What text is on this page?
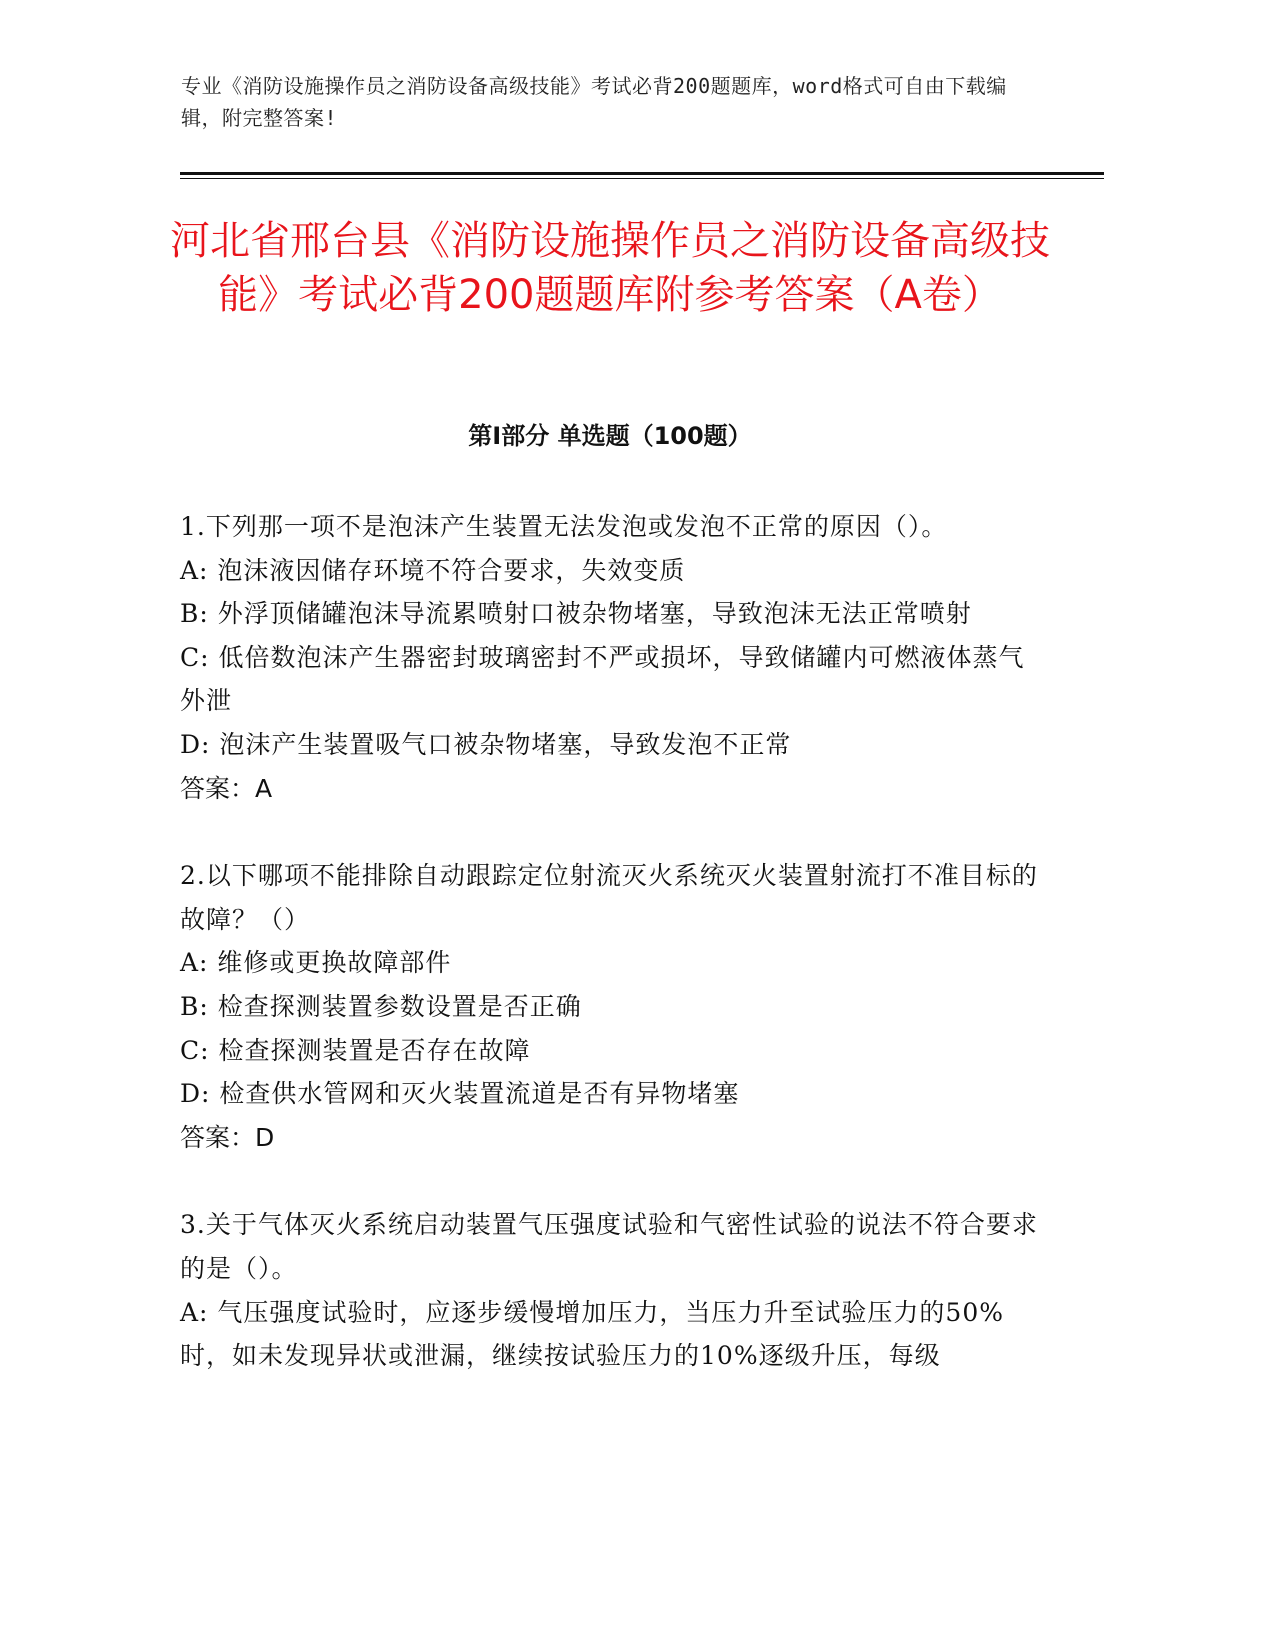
专业《消防设施操作员之消防设备高级技能》考试必背200题题库，word格式可自由下载编辑，附完整答案!
河北省邢台县《消防设施操作员之消防设备高级技能》考试必背200题题库附参考答案（A卷）
第I部分 单选题（100题）
1.下列那一项不是泡沫产生装置无法发泡或发泡不正常的原因（）。
A: 泡沫液因储存环境不符合要求，失效变质
B: 外浮顶储罐泡沫导流累喷射口被杂物堵塞，导致泡沫无法正常喷射
C: 低倍数泡沫产生器密封玻璃密封不严或损坏，导致储罐内可燃液体蒸气外泄
D: 泡沫产生装置吸气口被杂物堵塞，导致发泡不正常
答案：A
2.以下哪项不能排除自动跟踪定位射流灭火系统灭火装置射流打不准目标的故障？（）
A: 维修或更换故障部件
B: 检查探测装置参数设置是否正确
C: 检查探测装置是否存在故障
D: 检查供水管网和灭火装置流道是否有异物堵塞
答案：D
3.关于气体灭火系统启动装置气压强度试验和气密性试验的说法不符合要求的是（）。
A: 气压强度试验时，应逐步缓慢增加压力，当压力升至试验压力的50%时，如未发现异状或泄漏，继续按试验压力的10%逐级升压，每级
